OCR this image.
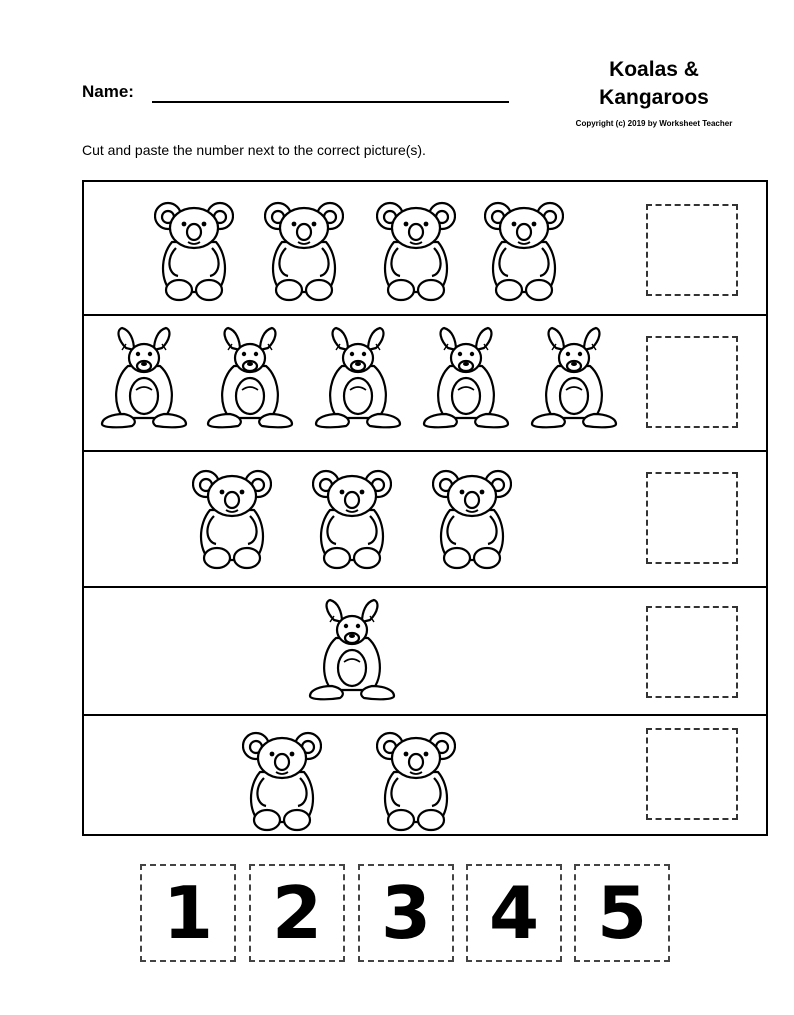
Name:
Koalas &
Kangaroos
Copyright (c) 2019 by Worksheet Teacher
Cut and paste the number next to the correct picture(s).
1 2 3 4 5
